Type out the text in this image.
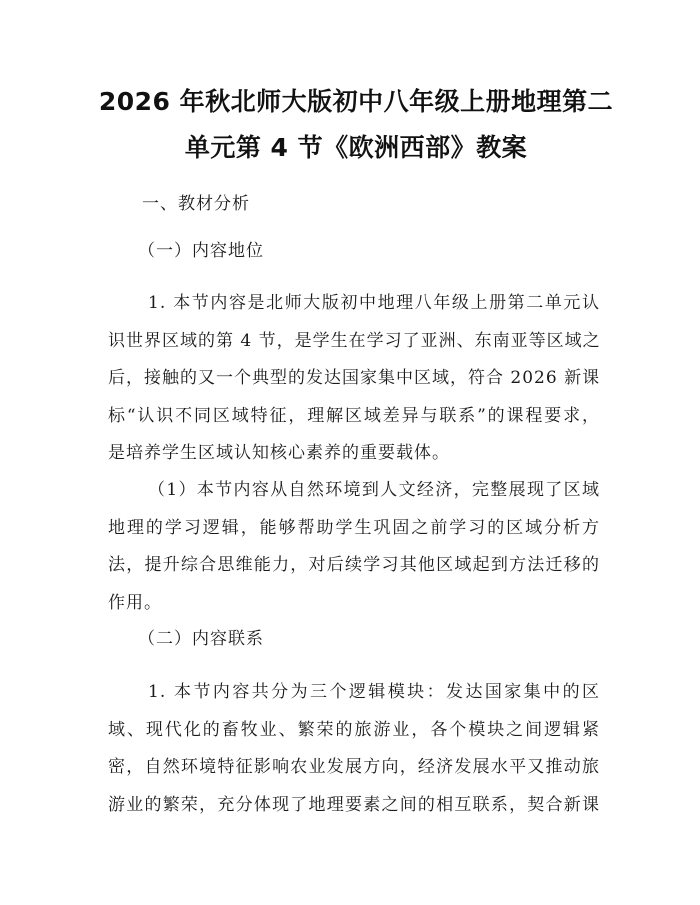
2026 年秋北师大版初中八年级上册地理第二
单元第 4 节《欧洲西部》教案
一、教材分析
（一）内容地位
1. 本节内容是北师大版初中地理八年级上册第二单元认
识世界区域的第 4 节，是学生在学习了亚洲、东南亚等区域之
后，接触的又一个典型的发达国家集中区域，符合 2026 新课
标“认识不同区域特征，理解区域差异与联系”的课程要求，
是培养学生区域认知核心素养的重要载体。
（1）本节内容从自然环境到人文经济，完整展现了区域
地理的学习逻辑，能够帮助学生巩固之前学习的区域分析方
法，提升综合思维能力，对后续学习其他区域起到方法迁移的
作用。
（二）内容联系
1. 本节内容共分为三个逻辑模块：发达国家集中的区
域、现代化的畜牧业、繁荣的旅游业，各个模块之间逻辑紧
密，自然环境特征影响农业发展方向，经济发展水平又推动旅
游业的繁荣，充分体现了地理要素之间的相互联系，契合新课
